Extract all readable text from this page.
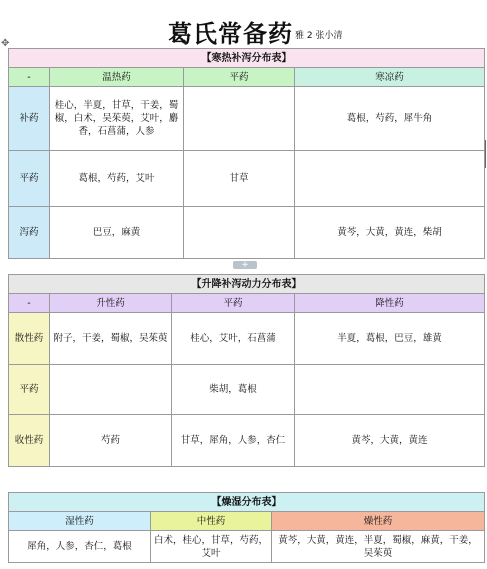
葛氏常备药 雅 2 张小清
✥
【寒热补泻分布表】			
-	温热药	平药	寒凉药
补药	桂心，半夏，甘草，干姜，蜀椒，白术，吴茱萸，艾叶，麝香，石菖蒲，人参		葛根，芍药，犀牛角
平药	葛根，芍药，艾叶	甘草	
泻药	巴豆，麻黄		黄芩，大黄，黄连，柴胡
+
【升降补泻动力分布表】			
-	升性药	平药	降性药
散性药	附子，干姜，蜀椒，吴茱萸	桂心，艾叶，石菖蒲	半夏，葛根，巴豆，雄黄
平药		柴胡，葛根	
收性药	芍药	甘草，犀角，人参，杏仁	黄芩，大黄，黄连
【燥湿分布表】		
湿性药	中性药	燥性药
犀角，人参，杏仁，葛根	白术，桂心，甘草，芍药，艾叶	黄芩，大黄，黄连，半夏，蜀椒，麻黄，干姜，吴茱萸
